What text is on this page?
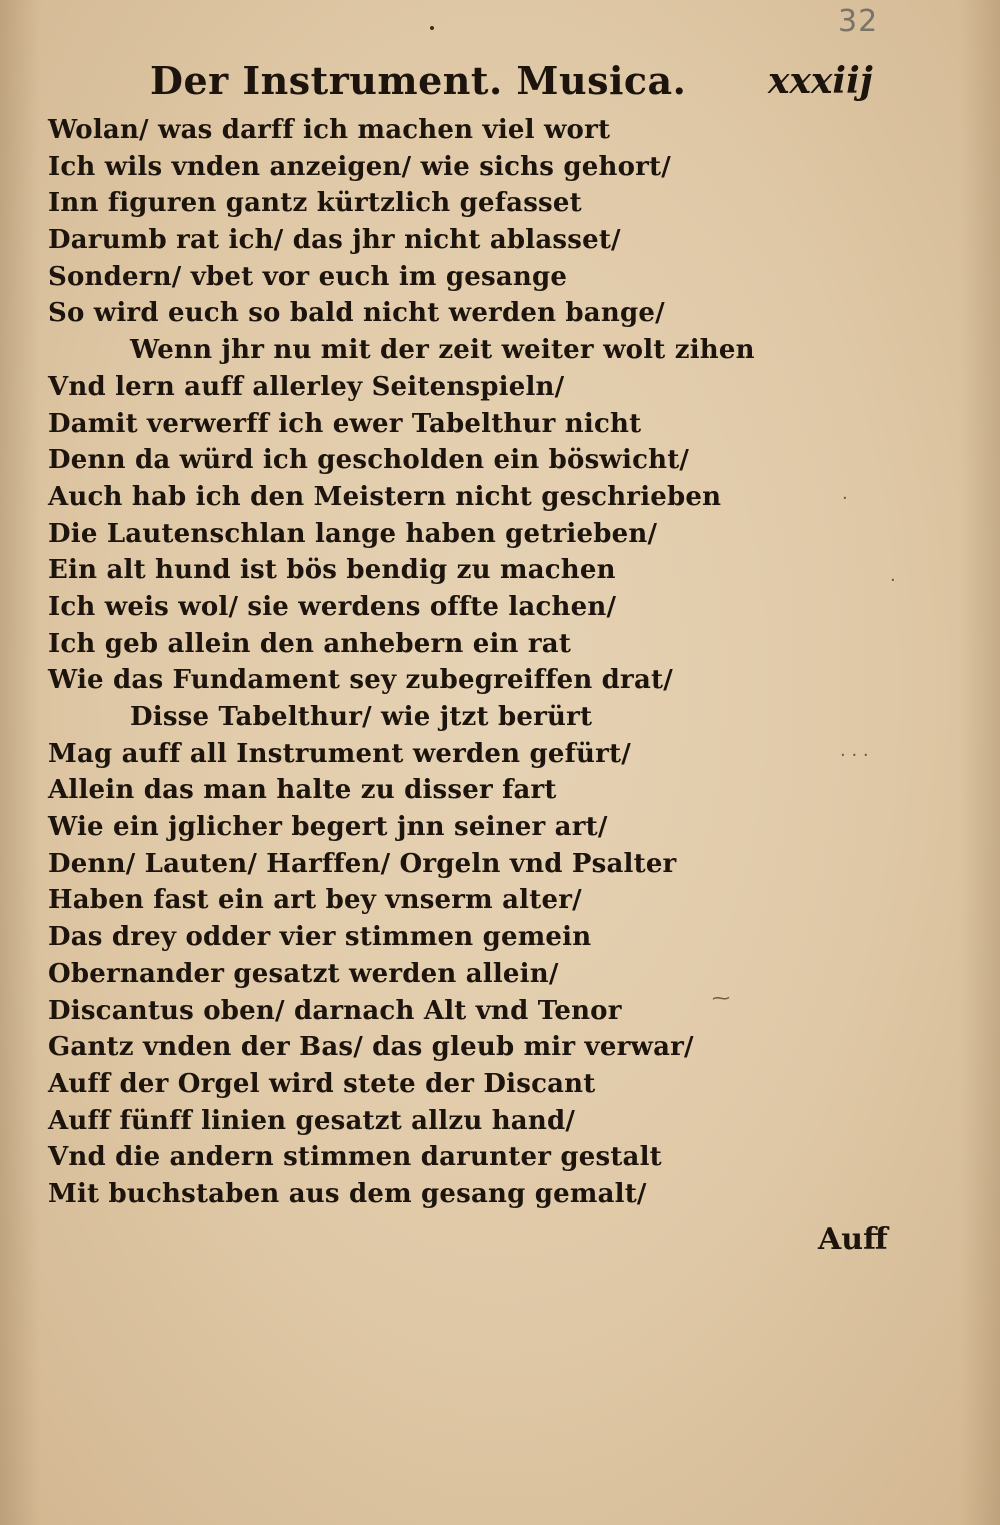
32
Der Instrument. Musica. xxxiij
Wolan/ was darff ich machen viel wort
Ich wils vnden anzeigen/ wie sichs gehort/
Inn figuren gantz kürtzlich gefasset
Darumb rat ich/ das jhr nicht ablasset/
Sondern/ vbet vor euch im gesange
So wird euch so bald nicht werden bange/
Wenn jhr nu mit der zeit weiter wolt zihen
Vnd lern auff allerley Seitenspieln/
Damit verwerff ich ewer Tabelthur nicht
Denn da würd ich gescholden ein böswicht/
Auch hab ich den Meistern nicht geschrieben
Die Lautenschlan lange haben getrieben/
Ein alt hund ist bös bendig zu machen
Ich weis wol/ sie werdens offte lachen/
Ich geb allein den anhebern ein rat
Wie das Fundament sey zubegreiffen drat/
Disse Tabelthur/ wie jtzt berürt
Mag auff all Instrument werden gefürt/
Allein das man halte zu disser fart
Wie ein jglicher begert jnn seiner art/
Denn/ Lauten/ Harffen/ Orgeln vnd Psalter
Haben fast ein art bey vnserm alter/
Das drey odder vier stimmen gemein
Obernander gesatzt werden allein/
Discantus oben/ darnach Alt vnd Tenor
Gantz vnden der Bas/ das gleub mir verwar/
Auff der Orgel wird stete der Discant
Auff fünff linien gesatzt allzu hand/
Vnd die andern stimmen darunter gestalt
Mit buchstaben aus dem gesang gemalt/
Auff
·
·
· · ·
⁓
